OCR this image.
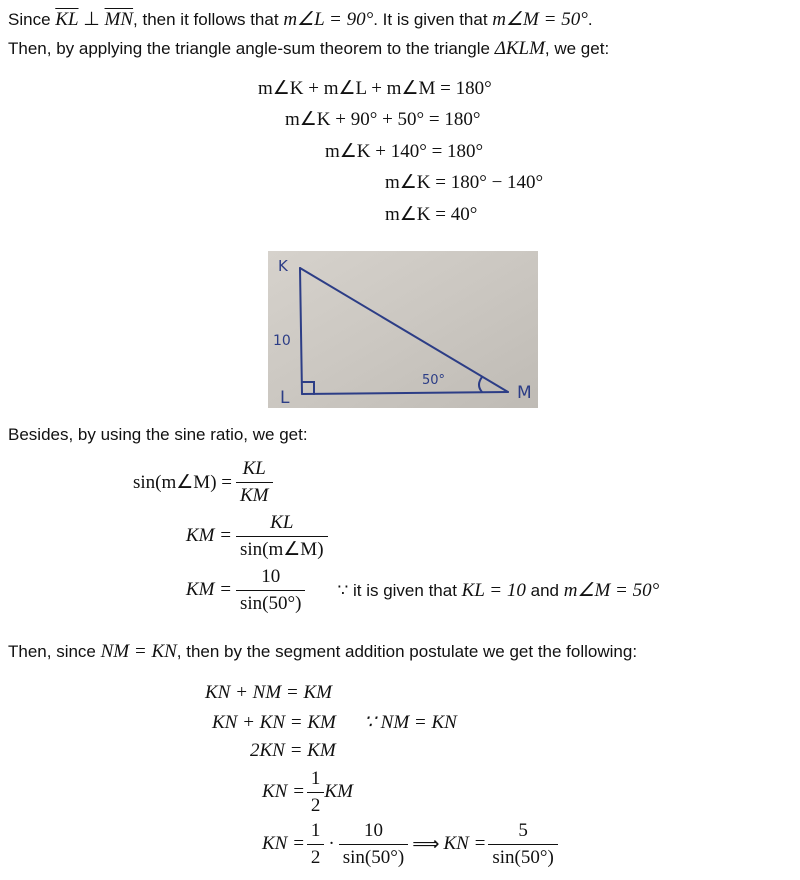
Since $\overline{KL}$ ⊥ $\overline{MN}$, then it follows that m∠L = 90°. It is given that m∠M = 50°.
Then, by applying the triangle angle-sum theorem to the triangle ΔKLM, we get:
m∠K + m∠L + m∠M = 180°
m∠K + 90° + 50° = 180°
m∠K + 140° = 180°
m∠K = 180° − 140°
m∠K = 40°
K
10
L
50°
M
Besides, by using the sine ratio, we get:
sin(m∠M) = $\frac{KL}{KM}$
KM = $\frac{KL}{\sin(m\angle M)}$
KM = $\frac{10}{\sin(50^\circ)}$ ∵ it is given that KL = 10 and m∠M = 50°
Then, since NM = KN, then by the segment addition postulate we get the following:
KN + NM = KM
KN + KN = KM ∵ NM = KN
2KN = KM
KN = $\frac{1}{2}$ KM
KN = $\frac{1}{2} \cdot \frac{10}{\sin(50^\circ)}$ ⟹ KN = $\frac{5}{\sin(50^\circ)}$
